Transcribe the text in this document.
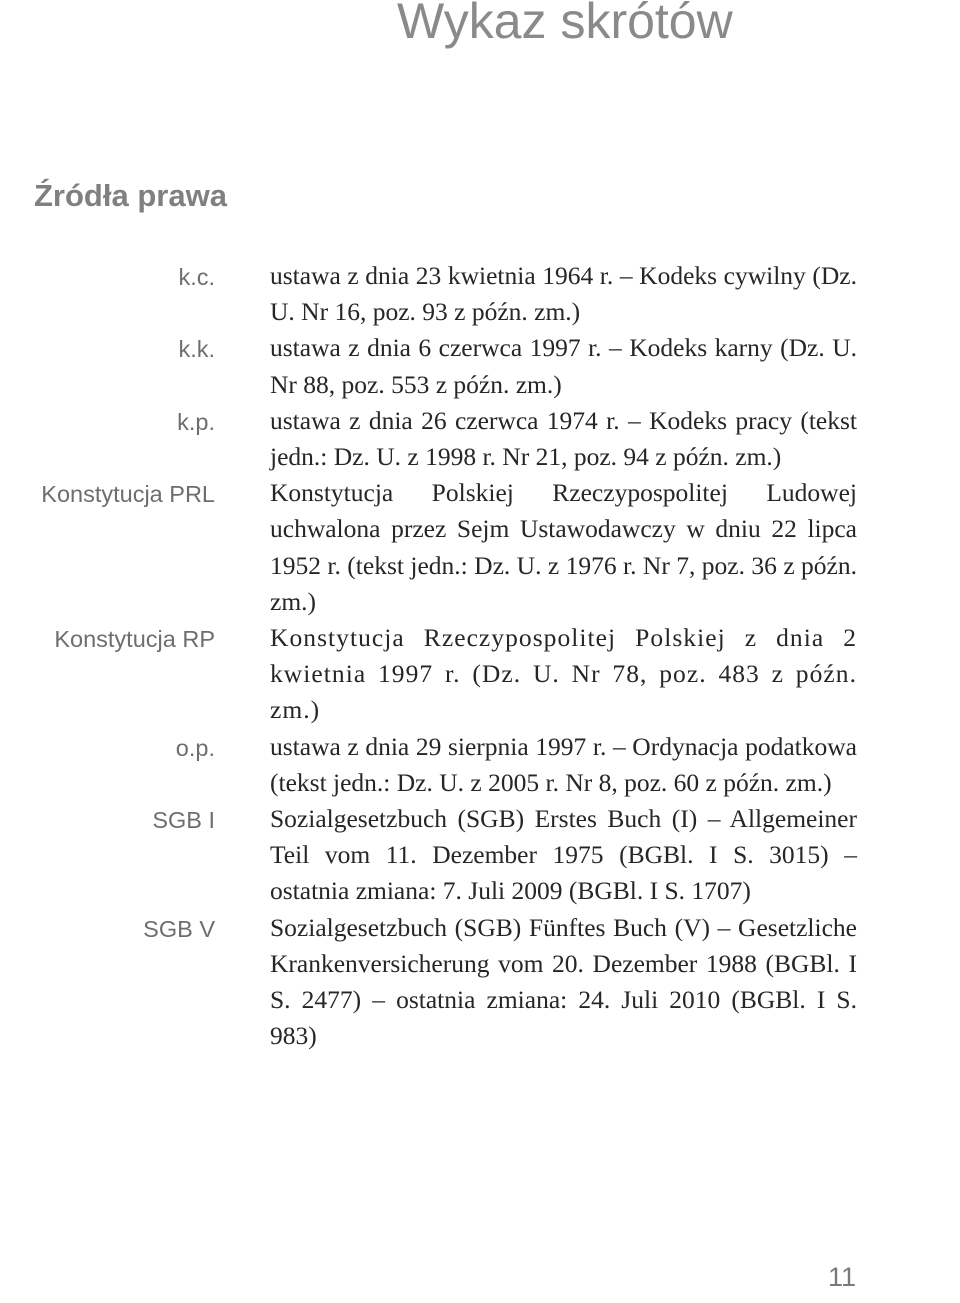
Wykaz skrótów
Źródła prawa
k.c. ustawa z dnia 23 kwietnia 1964 r. – Kodeks cywilny (Dz. U. Nr 16, poz. 93 z późn. zm.)
k.k. ustawa z dnia 6 czerwca 1997 r. – Kodeks karny (Dz. U. Nr 88, poz. 553 z późn. zm.)
k.p. ustawa z dnia 26 czerwca 1974 r. – Kodeks pracy (tekst jedn.: Dz. U. z 1998 r. Nr 21, poz. 94 z późn. zm.)
Konstytucja PRL Konstytucja Polskiej Rzeczypospolitej Ludowej uchwalona przez Sejm Ustawodawczy w dniu 22 lipca 1952 r. (tekst jedn.: Dz. U. z 1976 r. Nr 7, poz. 36 z późn. zm.)
Konstytucja RP Konstytucja Rzeczypospolitej Polskiej z dnia 2 kwietnia 1997 r. (Dz. U. Nr 78, poz. 483 z późn. zm.)
o.p. ustawa z dnia 29 sierpnia 1997 r. – Ordynacja podatkowa (tekst jedn.: Dz. U. z 2005 r. Nr 8, poz. 60 z późn. zm.)
SGB I Sozialgesetzbuch (SGB) Erstes Buch (I) – Allgemeiner Teil vom 11. Dezember 1975 (BGBl. I S. 3015) – ostatnia zmiana: 7. Juli 2009 (BGBl. I S. 1707)
SGB V Sozialgesetzbuch (SGB) Fünftes Buch (V) – Gesetzliche Krankenversicherung vom 20. Dezember 1988 (BGBl. I S. 2477) – ostatnia zmiana: 24. Juli 2010 (BGBl. I S. 983)
11
